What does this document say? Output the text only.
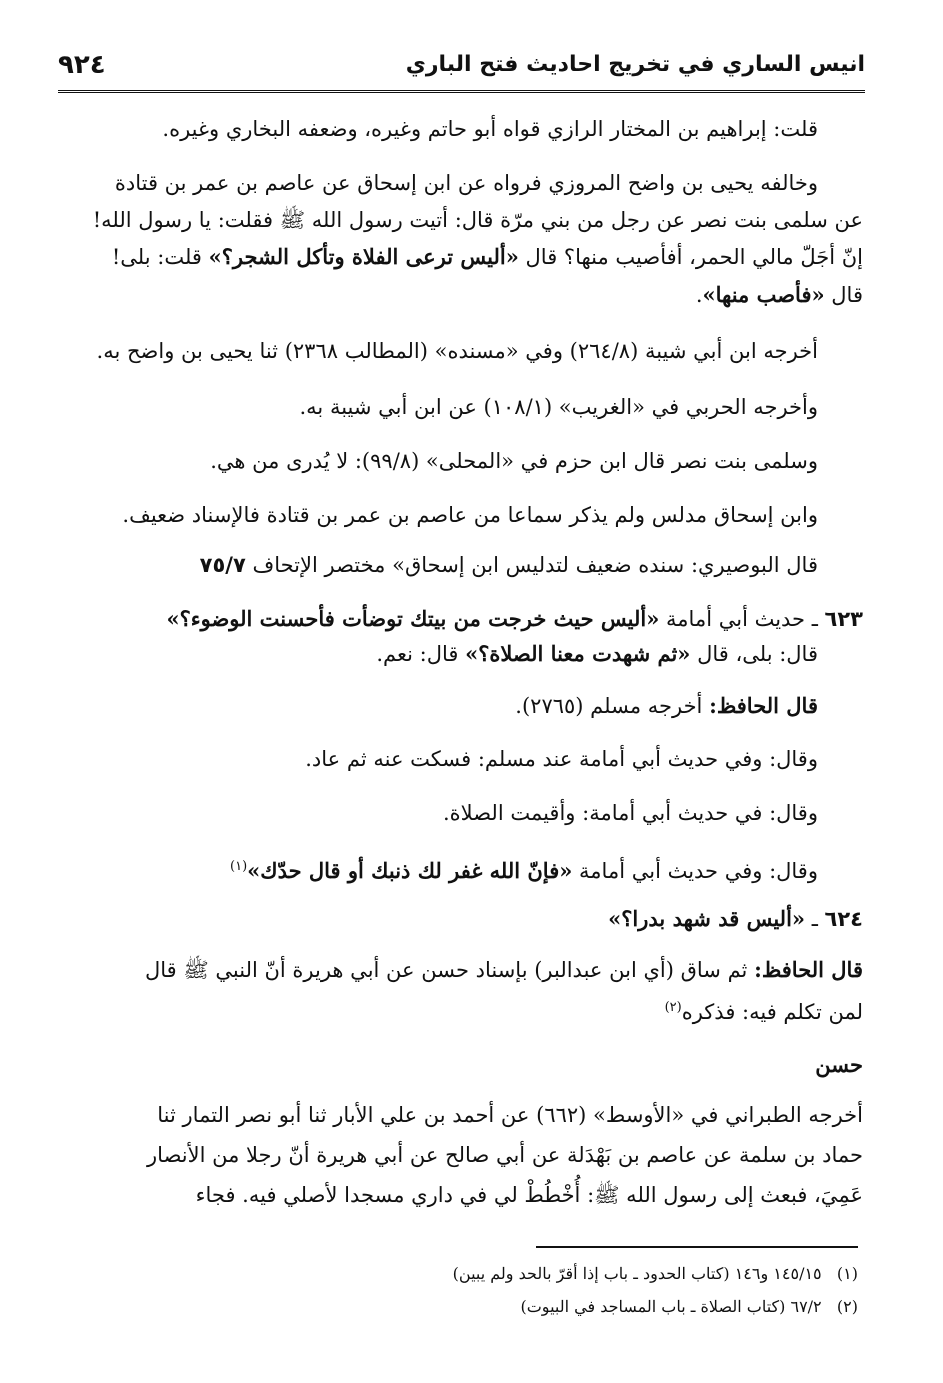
انيس الساري في تخريج احاديث فتح الباري
٩٢٤
قلت: إبراهيم بن المختار الرازي قواه أبو حاتم وغيره، وضعفه البخاري وغيره.
وخالفه يحيى بن واضح المروزي فرواه عن ابن إسحاق عن عاصم بن عمر بن قتادة
عن سلمى بنت نصر عن رجل من بني مرّة قال: أتيت رسول الله ﷺ فقلت: يا رسول الله!
إنّ أجَلّ مالي الحمر، أفأصيب منها؟ قال «أليس ترعى الفلاة وتأكل الشجر؟» قلت: بلى!
قال «فأصب منها».
أخرجه ابن أبي شيبة (٢٦٤/٨) وفي «مسنده» (المطالب ٢٣٦٨) ثنا يحيى بن واضح به.
وأخرجه الحربي في «الغريب» (١٠٨/١) عن ابن أبي شيبة به.
وسلمى بنت نصر قال ابن حزم في «المحلى» (٩٩/٨): لا يُدرى من هي.
وابن إسحاق مدلس ولم يذكر سماعا من عاصم بن عمر بن قتادة فالإسناد ضعيف.
قال البوصيري: سنده ضعيف لتدليس ابن إسحاق» مختصر الإتحاف ٧٥/٧
٦٢٣ ـ حديث أبي أمامة «أليس حيث خرجت من بيتك توضأت فأحسنت الوضوء؟»
قال: بلى، قال «ثم شهدت معنا الصلاة؟» قال: نعم.
قال الحافظ: أخرجه مسلم (٢٧٦٥).
وقال: وفي حديث أبي أمامة عند مسلم: فسكت عنه ثم عاد.
وقال: في حديث أبي أمامة: وأقيمت الصلاة.
وقال: وفي حديث أبي أمامة «فإنّ الله غفر لك ذنبك أو قال حدّك»$^{(١)}$
٦٢٤ ـ «أليس قد شهد بدرا؟»
قال الحافظ: ثم ساق (أي ابن عبدالبر) بإسناد حسن عن أبي هريرة أنّ النبي ﷺ قال
لمن تكلم فيه: فذكره$^{(٢)}$
حسن
أخرجه الطبراني في «الأوسط» (٦٦٢) عن أحمد بن علي الأبار ثنا أبو نصر التمار ثنا
حماد بن سلمة عن عاصم بن بَهْدَلة عن أبي صالح عن أبي هريرة أنّ رجلا من الأنصار
عَمِيَ، فبعث إلى رسول الله ﷺ: أُخْطُطْ لي في داري مسجدا لأصلي فيه. فجاء
(١)   ١٤٥/١٥ و١٤٦ (كتاب الحدود ـ باب إذا أقرّ بالحد ولم يبين)
(٢)   ٦٧/٢ (كتاب الصلاة ـ باب المساجد في البيوت)
